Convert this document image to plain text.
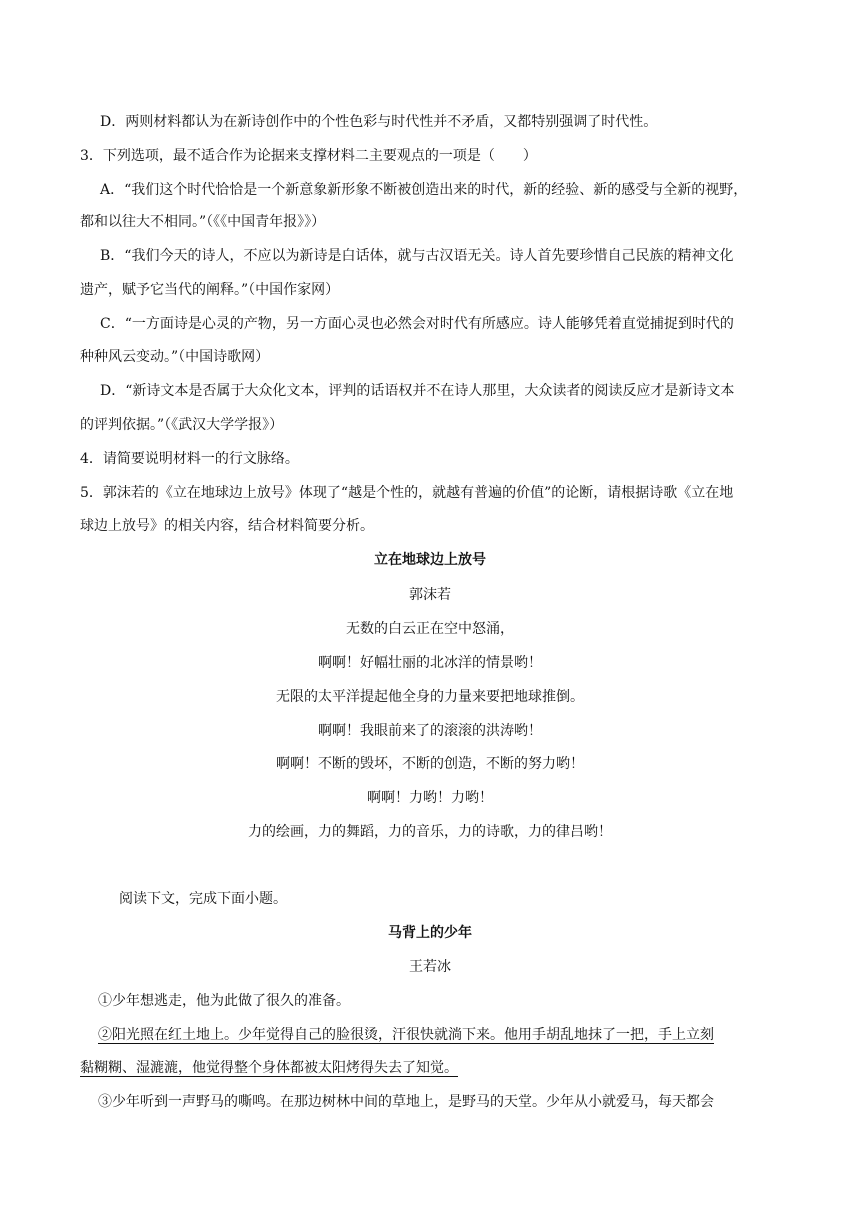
D．两则材料都认为在新诗创作中的个性色彩与时代性并不矛盾，又都特别强调了时代性。
3．下列选项，最不适合作为论据来支撑材料二主要观点的一项是（　　）
A．“我们这个时代恰恰是一个新意象新形象不断被创造出来的时代，新的经验、新的感受与全新的视野，
都和以往大不相同。”（《《中国青年报》》）
B．“我们今天的诗人，不应以为新诗是白话体，就与古汉语无关。诗人首先要珍惜自己民族的精神文化
遗产，赋予它当代的阐释。”（中国作家网）
C．“一方面诗是心灵的产物，另一方面心灵也必然会对时代有所感应。诗人能够凭着直觉捕捉到时代的
种种风云变动。”（中国诗歌网）
D．“新诗文本是否属于大众化文本，评判的话语权并不在诗人那里，大众读者的阅读反应才是新诗文本
的评判依据。”（《武汉大学学报》）
4．请简要说明材料一的行文脉络。
5．郭沫若的《立在地球边上放号》体现了“越是个性的，就越有普遍的价值”的论断，请根据诗歌《立在地
球边上放号》的相关内容，结合材料简要分析。
立在地球边上放号
郭沫若
无数的白云正在空中怒涌，
啊啊！好幅壮丽的北冰洋的情景哟！
无限的太平洋提起他全身的力量来要把地球推倒。
啊啊！我眼前来了的滚滚的洪涛哟！
啊啊！不断的毁坏，不断的创造，不断的努力哟！
啊啊！力哟！力哟！
力的绘画，力的舞蹈，力的音乐，力的诗歌，力的律吕哟！
阅读下文，完成下面小题。
马背上的少年
王若冰
①少年想逃走，他为此做了很久的准备。
②阳光照在红土地上。少年觉得自己的脸很烫，汗很快就淌下来。他用手胡乱地抹了一把，手上立刻
黏糊糊、湿漉漉，他觉得整个身体都被太阳烤得失去了知觉。
③少年听到一声野马的嘶鸣。在那边树林中间的草地上，是野马的天堂。少年从小就爱马，每天都会
